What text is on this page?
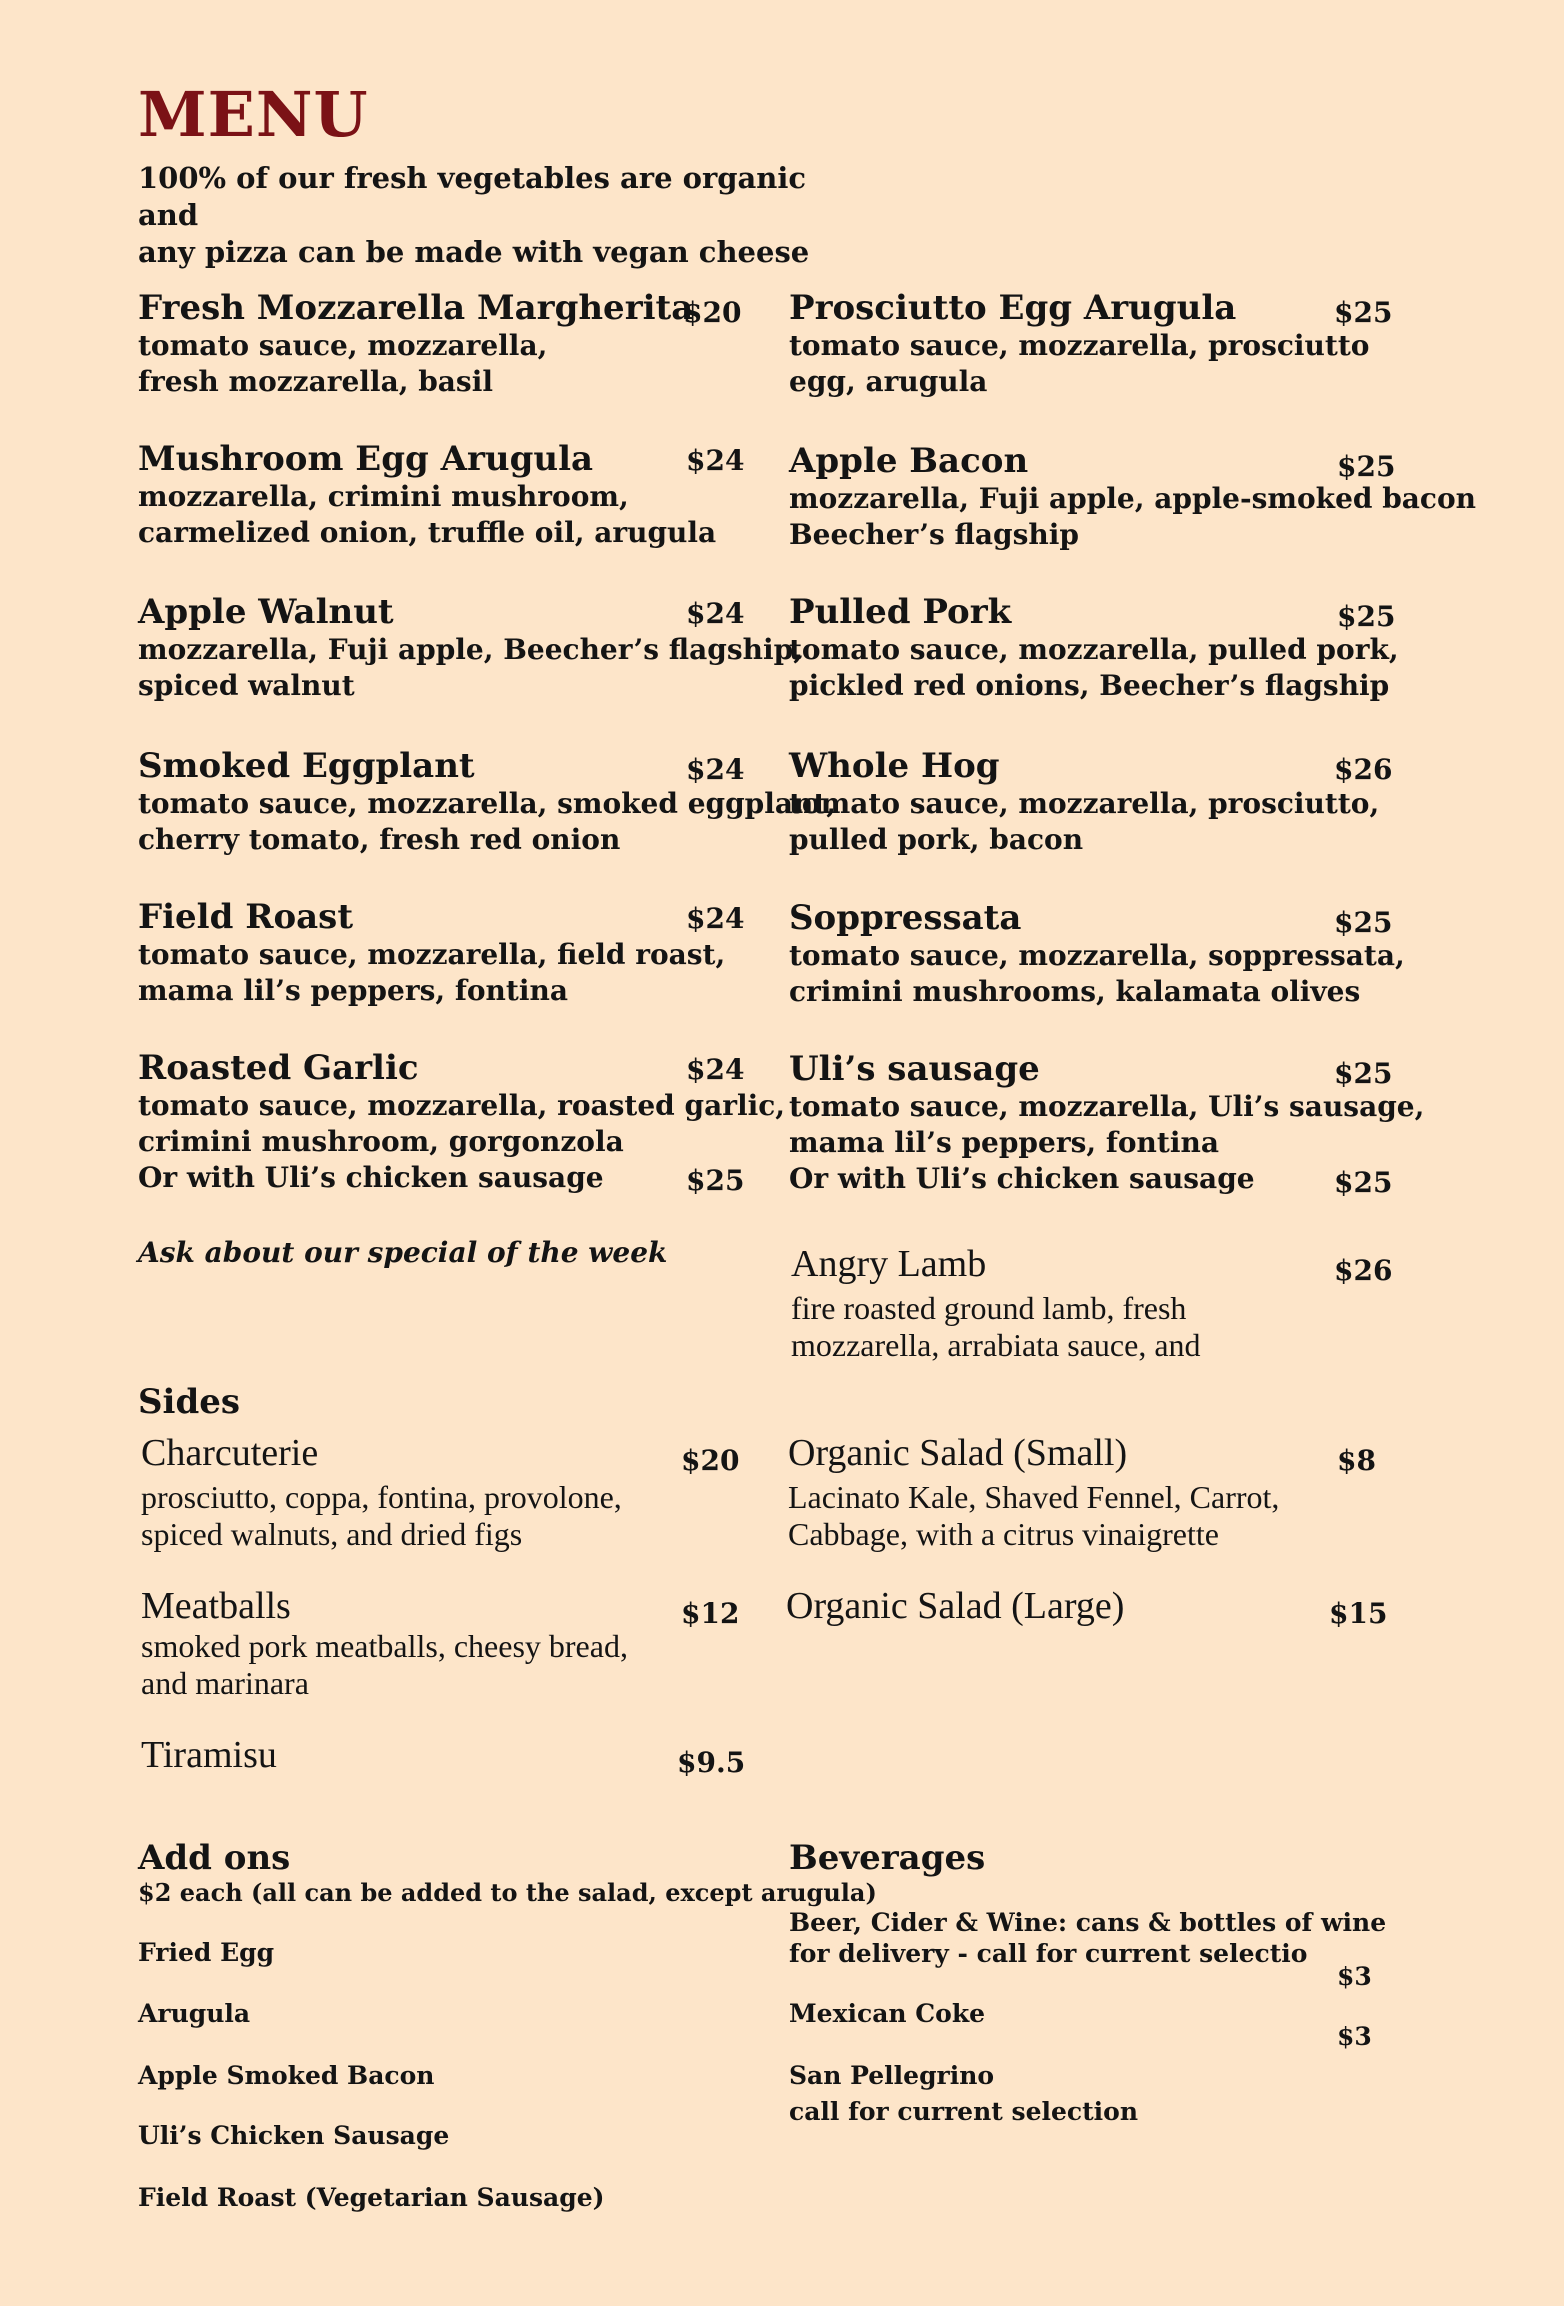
MENU
100% of our fresh vegetables are organic and
any pizza can be made with vegan cheese
Fresh Mozzarella Margherita
tomato sauce, mozzarella,
fresh mozzarella, basil
$20
Mushroom Egg Arugula
mozzarella, crimini mushroom,
carmelized onion, truffle oil, arugula
$24
Apple Walnut
mozzarella, Fuji apple, Beecher’s flagship,
spiced walnut
$24
Smoked Eggplant
tomato sauce, mozzarella, smoked eggplant,
cherry tomato, fresh red onion
$24
Field Roast
tomato sauce, mozzarella, field roast,
mama lil’s peppers, fontina
$24
Roasted Garlic
tomato sauce, mozzarella, roasted garlic,
crimini mushroom, gorgonzola
Or with Uli’s chicken sausage
$24
$25
Ask about our special of the week
Prosciutto Egg Arugula
tomato sauce, mozzarella, prosciutto
egg, arugula
$25
Apple Bacon
mozzarella, Fuji apple, apple-smoked bacon
Beecher’s flagship
$25
Pulled Pork
tomato sauce, mozzarella, pulled pork,
pickled red onions, Beecher’s flagship
$25
Whole Hog
tomato sauce, mozzarella, prosciutto,
pulled pork, bacon
$26
Soppressata
tomato sauce, mozzarella, soppressata,
crimini mushrooms, kalamata olives
$25
Uli’s sausage
tomato sauce, mozzarella, Uli’s sausage,
mama lil’s peppers, fontina
Or with Uli’s chicken sausage
$25
$25
Angry Lamb
fire roasted ground lamb, fresh
mozzarella, arrabiata sauce, and
$26
Sides
Charcuterie
prosciutto, coppa, fontina, provolone,
spiced walnuts, and dried figs
$20
Meatballs
smoked pork meatballs, cheesy bread,
and marinara
$12
Tiramisu	$9.5
Organic Salad (Small)
Lacinato Kale, Shaved Fennel, Carrot,
Cabbage, with a citrus vinaigrette
$8
Organic Salad (Large)	$15
Add ons
$2 each (all can be added to the salad, except arugula)
Fried Egg
Arugula
Apple Smoked Bacon
Uli’s Chicken Sausage
Field Roast (Vegetarian Sausage)
Beverages
Beer, Cider & Wine: cans & bottles of wine
for delivery - call for current selectio
$3
Mexican Coke
$3
San Pellegrino
call for current selection
